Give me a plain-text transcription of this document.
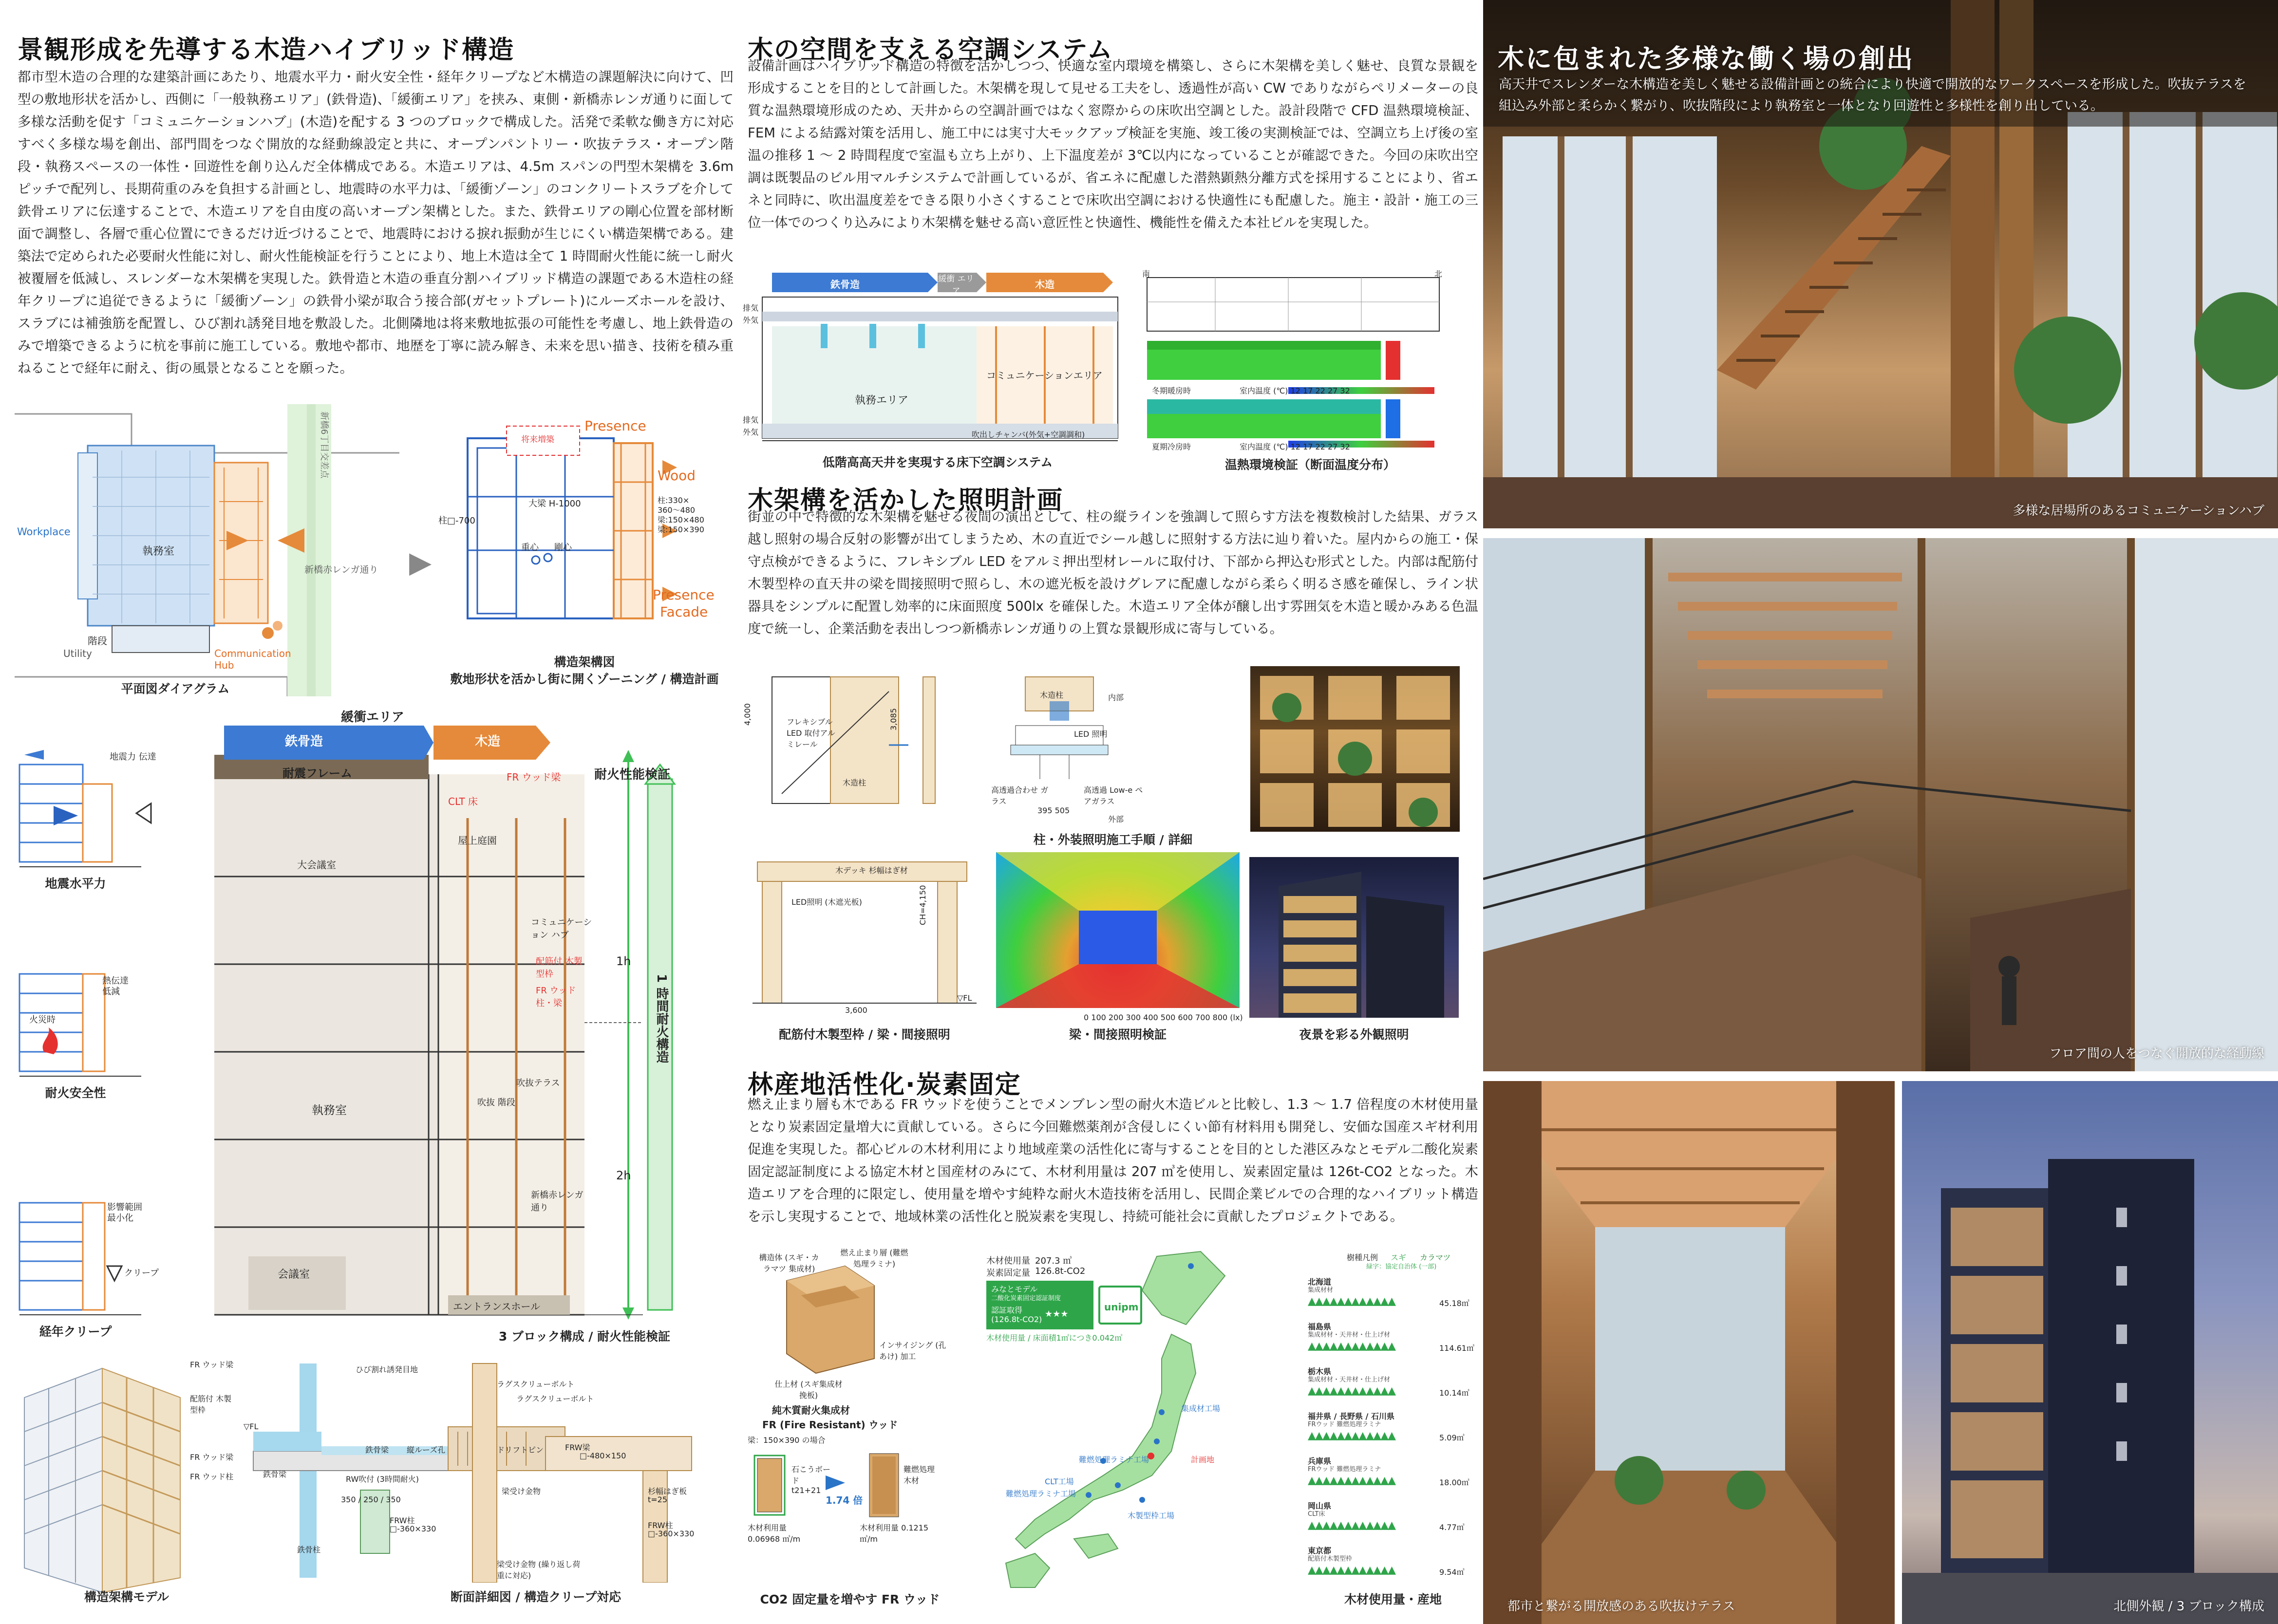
景観形成を先導する木造ハイブリッド構造
都市型木造の合理的な建築計画にあたり、地震水平力・耐火安全性・経年クリープなど木構造の課題解決に向けて、凹型の敷地形状を活かし、西側に「一般執務エリア」(鉄骨造)、「緩衝エリア」を挟み、東側・新橋赤レンガ通りに面して多様な活動を促す「コミュニケーションハブ」(木造)を配する 3 つのブロックで構成した。活発で柔軟な働き方に対応すべく多様な場を創出、部門間をつなぐ開放的な経動線設定と共に、オープンパントリー・吹抜テラス・オープン階段・執務スペースの一体性・回遊性を創り込んだ全体構成である。木造エリアは、4.5m スパンの門型木架構を 3.6m ピッチで配列し、長期荷重のみを負担する計画とし、地震時の水平力は、「緩衝ゾーン」のコンクリートスラブを介して鉄骨エリアに伝達することで、木造エリアを自由度の高いオープン架構とした。また、鉄骨エリアの剛心位置を部材断面で調整し、各層で重心位置にできるだけ近づけることで、地震時における捩れ振動が生じにくい構造架構である。建築法で定められた必要耐火性能に対し、耐火性能検証を行うことにより、地上木造は全て 1 時間耐火性能に統一し耐火被覆層を低減し、スレンダーな木架構を実現した。鉄骨造と木造の垂直分割ハイブリッド構造の課題である木造柱の経年クリープに追従できるように「緩衝ゾーン」の鉄骨小梁が取合う接合部(ガセットプレート)にルーズホールを設け、スラブには補強筋を配置し、ひび割れ誘発目地を敷設した。北側隣地は将来敷地拡張の可能性を考慮し、地上鉄骨造のみで増築できるように杭を事前に施工している。敷地や都市、地歴を丁寧に読み解き、未来を思い描き、技術を積み重ねることで経年に耐え、街の風景となることを願った。
新橋6丁目交差点
新橋赤レンガ通り
Workplace
執務室
階段
Utility	Communication Hub
平面図ダイアグラム
▶
Presence
将来増築
Wood
柱:330×
360～480
梁:150×480
梁:150×390
柱□-700
大梁 H-1000
重心 剛心
Presence
Facade
構造架構図
敷地形状を活かし街に開くゾーニング / 構造計画
地震力 伝達
地震水平力
熱伝達
低減
火災時
耐火安全性
影響範囲
最小化
クリープ
経年クリープ
緩衝エリア
鉄骨造	木造
耐震フレーム	耐火性能検証
FR ウッド梁
CLT 床
屋上庭園
大会議室
コミュニケーション ハブ
配筋付 木製型枠
FR ウッド 柱・梁
執務室
吹抜テラス
吹抜 階段
新橋赤レンガ 通り
会議室
エントランスホール
1h
2h
1 時間耐火構造
3 ブロック構成 / 耐火性能検証
FR ウッド梁
配筋付 木製型枠
FR ウッド梁
FR ウッド柱
構造架構モデル
ひび割れ誘発目地
ラグスクリューボルト
ラグスクリューボルト
▽FL
鉄骨梁
鉄骨梁 縦ルーズ孔	ドリフトピン	FRW梁
□-480×150
RW吹付 (3時間耐火)
350 / 250 / 350
梁受け金物
鉄骨柱
杉幅はぎ板
t=25
FRW柱
□-360×330	FRW柱
□-360×330
梁受け金物 (繰り返し荷重に対応)
断面詳細図 / 構造クリープ対応
木の空間を支える空調システム
設備計画はハイブリッド構造の特徴を活かしつつ、快適な室内環境を構築し、さらに木架構を美しく魅せ、良質な景観を形成することを目的として計画した。木架構を現して見せる工夫をし、透過性が高い CW でありながらペリメーターの良質な温熱環境形成のため、天井からの空調計画ではなく窓際からの床吹出空調とした。設計段階で CFD 温熱環境検証、FEM による結露対策を活用し、施工中には実寸大モックアップ検証を実施、竣工後の実測検証では、空調立ち上げ後の室温の推移 1 ～ 2 時間程度で室温も立ち上がり、上下温度差が 3℃以内になっていることが確認できた。今回の床吹出空調は既製品のビル用マルチシステムで計画しているが、省エネに配慮した潜熱顕熱分離方式を採用することにより、省エネと同時に、吹出温度差をできる限り小さくすることで床吹出空調における快適性にも配慮した。施主・設計・施工の三位一体でのつくり込みにより木架構を魅せる高い意匠性と快適性、機能性を備えた本社ビルを実現した。
鉄骨造	緩衝 エリア
木造
排気
外気
排気
外気
執務エリア
コミュニケーションエリア
吹出しチャンバ(外気+空調調和)
低階高高天井を実現する床下空調システム
南	北
冬期暖房時	室内温度 (℃) 12 17 22 27 32
夏期冷房時	室内温度 (℃) 12 17 22 27 32
温熱環境検証（断面温度分布）
木架構を活かした照明計画
街並の中で特徴的な木架構を魅せる夜間の演出として、柱の縦ラインを強調して照らす方法を複数検討した結果、ガラス越し照射の場合反射の影響が出てしまうため、木の直近でシール越しに照射する方法に辿り着いた。屋内からの施工・保守点検ができるように、フレキシブル LED をアルミ押出型材レールに取付け、下部から押込む形式とした。内部は配筋付木製型枠の直天井の梁を間接照明で照らし、木の遮光板を設けグレアに配慮しながら柔らく明るさ感を確保し、ライン状器具をシンプルに配置し効率的に床面照度 500lx を確保した。木造エリア全体が醸し出す雰囲気を木造と暖かみある色温度で統一し、企業活動を表出しつつ新橋赤レンガ通りの上質な景観形成に寄与している。
4,000	フレキシブル LED 取付アルミレール
木造柱
3,085
木造柱	内部
LED 照明
高透過合わせ ガラス
高透過 Low-e ペアガラス
395 505
外部
柱・外装照明施工手順 / 詳細
木デッキ 杉幅はぎ材
LED照明 (木遮光板)	CH=4,150
▽FL
3,600
配筋付木製型枠 / 梁・間接照明
0 100 200 300 400 500 600 700 800 (lx)
梁・間接照明検証	夜景を彩る外観照明
林産地活性化·炭素固定
燃え止まり層も木である FR ウッドを使うことでメンブレン型の耐火木造ビルと比較し、1.3 ～ 1.7 倍程度の木材使用量となり炭素固定量増大に貢献している。さらに今回難燃薬剤が含侵しにくい節有材料用も開発し、安価な国産スギ材利用促進を実現した。都心ビルの木材利用により地域産業の活性化に寄与することを目的とした港区みなとモデル二酸化炭素固定認証制度による協定木材と国産材のみにて、木材利用量は 207 ㎥を使用し、炭素固定量は 126t-CO2 となった。木造エリアを合理的に限定し、使用量を増やす純粋な耐火木造技術を活用し、民間企業ビルでの合理的なハイブリット構造を示し実現することで、地域林業の活性化と脱炭素を実現し、持続可能社会に貢献したプロジェクトである。
構造体 (スギ・カラマツ 集成材)
燃え止まり層 (難燃処理ラミナ)
インサイジング (孔あけ) 加工
仕上材 (スギ集成材挽板)
純木質耐火集成材
FR (Fire Resistant) ウッド
木材使用量 207.3 ㎥
炭素固定量 126.8t-CO2
みなとモデル
二酸化炭素固定認証制度
認証取得
(126.8t-CO2)
★★★
unipm
木材使用量 / 床面積1㎡につき0.042㎥
梁：150×390 の場合
石こうボード t21+21
1.74 倍
難燃処理 木材
木材利用量 0.06968 ㎥/m
木材利用量 0.1215 ㎥/m
CO2 固定量を増やす FR ウッド
集成材工場
計画地
難燃処理ラミナ工場
CLT工場
難燃処理ラミナ工場
木製型枠工場
樹種凡例 スギ カラマツ
緑字：協定自治体 (一部)
北海道
集成材材
▲▲▲▲▲▲▲▲▲▲▲▲	45.18㎥
福島県
集成材材・天井材・仕上げ材
▲▲▲▲▲▲▲▲▲▲▲▲	114.61㎥
栃木県
集成材材・天井材・仕上げ材
▲▲▲▲▲▲▲▲▲▲▲▲	10.14㎥
福井県 / 長野県 / 石川県
FRウッド 難燃処理ラミナ
▲▲▲▲▲▲▲▲▲▲▲▲	5.09㎥
兵庫県
FRウッド 難燃処理ラミナ
▲▲▲▲▲▲▲▲▲▲▲▲	18.00㎥
岡山県
CLT床
▲▲▲▲▲▲▲▲▲▲▲▲	4.77㎥
東京都
配筋付木製型枠
▲▲▲▲▲▲▲▲▲▲▲▲	9.54㎥
木材使用量・産地
木に包まれた多様な働く場の創出
高天井でスレンダーな木構造を美しく魅せる設備計画との統合により快適で開放的なワークスペースを形成した。吹抜テラスを組込み外部と柔らかく繋がり、吹抜階段により執務室と一体となり回遊性と多様性を創り出している。
多様な居場所のあるコミュニケーションハブ
フロア間の人をつなぐ開放的な経動線
都市と繋がる開放感のある吹抜けテラス	北側外観 / 3 ブロック構成
